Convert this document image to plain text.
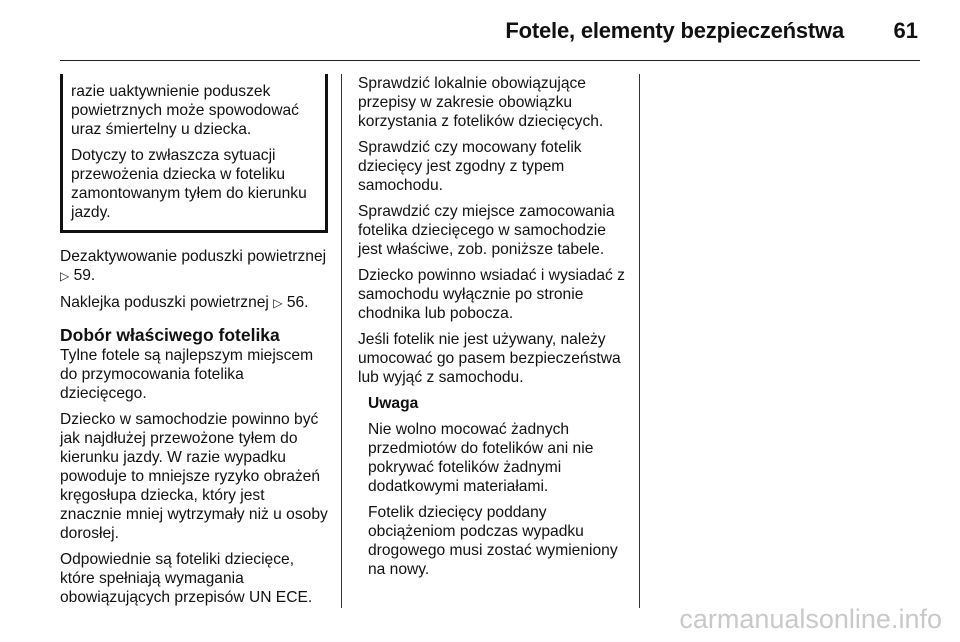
Fotele, elementy bezpieczeństwa 61

razie uaktywnienie poduszek powietrznych może spowodować uraz śmiertelny u dziecka.

Dotyczy to zwłaszcza sytuacji przewożenia dziecka w foteliku zamontowanym tyłem do kierunku jazdy.

Dezaktywowanie poduszki powietrznej ▷ 59.

Naklejka poduszki powietrznej ▷ 56.

Dobór właściwego fotelika

Tylne fotele są najlepszym miejscem do przymocowania fotelika dziecięcego.

Dziecko w samochodzie powinno być jak najdłużej przewożone tyłem do kierunku jazdy. W razie wypadku powoduje to mniejsze ryzyko obrażeń kręgosłupa dziecka, który jest znacznie mniej wytrzymały niż u osoby dorosłej.

Odpowiednie są foteliki dziecięce, które spełniają wymagania obowiązujących przepisów UN ECE.

Sprawdzić lokalnie obowiązujące przepisy w zakresie obowiązku korzystania z fotelików dziecięcych.

Sprawdzić czy mocowany fotelik dziecięcy jest zgodny z typem samochodu.

Sprawdzić czy miejsce zamocowania fotelika dziecięcego w samochodzie jest właściwe, zob. poniższe tabele.

Dziecko powinno wsiadać i wysiadać z samochodu wyłącznie po stronie chodnika lub pobocza.

Jeśli fotelik nie jest używany, należy umocować go pasem bezpieczeństwa lub wyjąć z samochodu.

Uwaga

Nie wolno mocować żadnych przedmiotów do fotelików ani nie pokrywać fotelików żadnymi dodatkowymi materiałami.

Fotelik dziecięcy poddany obciążeniom podczas wypadku drogowego musi zostać wymieniony na nowy.

carmanualsonline.info
